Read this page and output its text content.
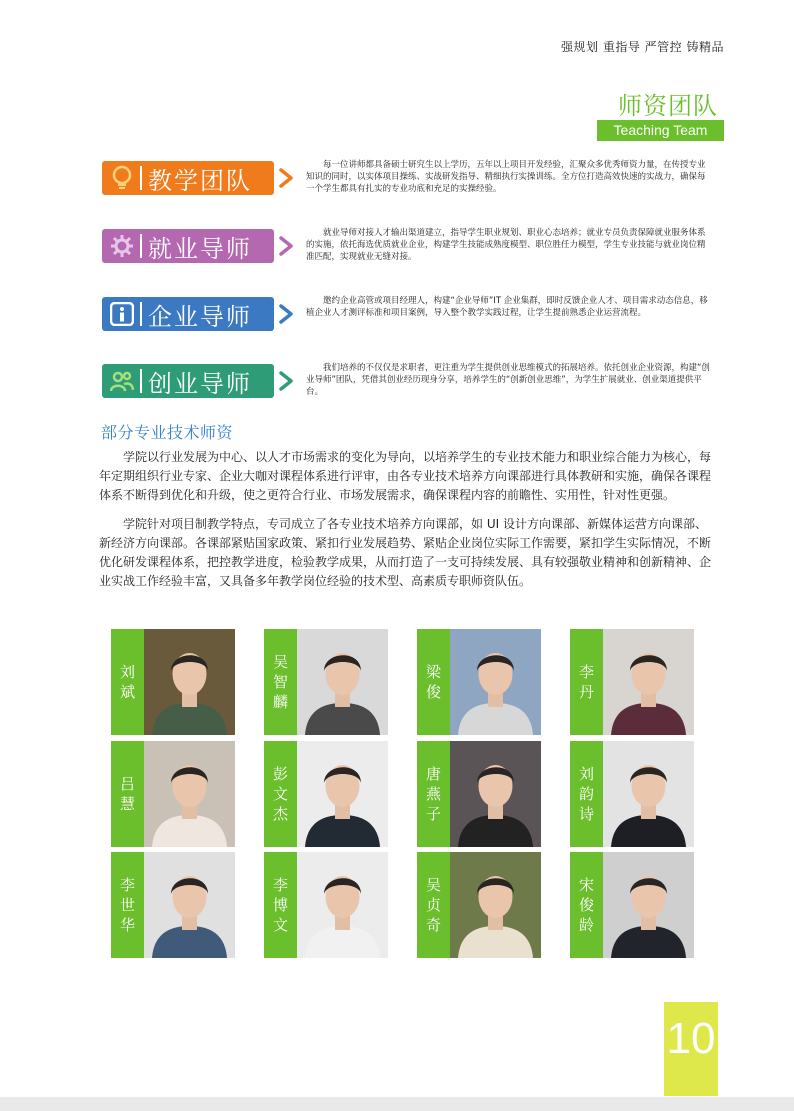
强规划 重指导 严管控 铸精品
师资团队
Teaching Team
教学团队
每一位讲师都具备硕士研究生以上学历，五年以上项目开发经验，汇聚众多优秀师资力量，在传授专业知识的同时，以实体项目操练、实战研发指导、精细执行实操训练。全方位打造高效快速的实战力，确保每一个学生都具有扎实的专业功底和充足的实操经验。
就业导师
就业导师对接人才输出渠道建立，指导学生职业规划、职业心态培养；就业专员负责保障就业服务体系的实施，依托海选优质就业企业，构建学生技能成熟度模型、职位胜任力模型，学生专业技能与就业岗位精准匹配，实现就业无缝对接。
企业导师
邀约企业高管或项目经理人，构建“企业导师”IT 企业集群，即时反馈企业人才、项目需求动态信息，移植企业人才测评标准和项目案例，导入整个教学实践过程，让学生提前熟悉企业运营流程。
创业导师
我们培养的不仅仅是求职者，更注重为学生提供创业思维模式的拓展培养。依托创业企业资源，构建“创业导师”团队，凭借其创业经历现身分享，培养学生的“创新创业思维”，为学生扩展就业、创业渠道提供平台。
部分专业技术师资
学院以行业发展为中心、以人才市场需求的变化为导向，以培养学生的专业技术能力和职业综合能力为核心，每年定期组织行业专家、企业大咖对课程体系进行评审，由各专业技术培养方向课部进行具体教研和实施，确保各课程体系不断得到优化和升级，使之更符合行业、市场发展需求，确保课程内容的前瞻性、实用性，针对性更强。
学院针对项目制教学特点，专司成立了各专业技术培养方向课部，如 UI 设计方向课部、新媒体运营方向课部、新经济方向课部。各课部紧贴国家政策、紧扣行业发展趋势、紧贴企业岗位实际工作需要，紧扣学生实际情况，不断优化研发课程体系，把控教学进度，检验教学成果，从而打造了一支可持续发展、具有较强敬业精神和创新精神、企业实战工作经验丰富，又具备多年教学岗位经验的技术型、高素质专职师资队伍。
刘
斌
吴
智
麟
梁
俊
李
丹
吕
慧
彭
文
杰
唐
燕
子
刘
韵
诗
李
世
华
李
博
文
吴
贞
奇
宋
俊
龄
10
